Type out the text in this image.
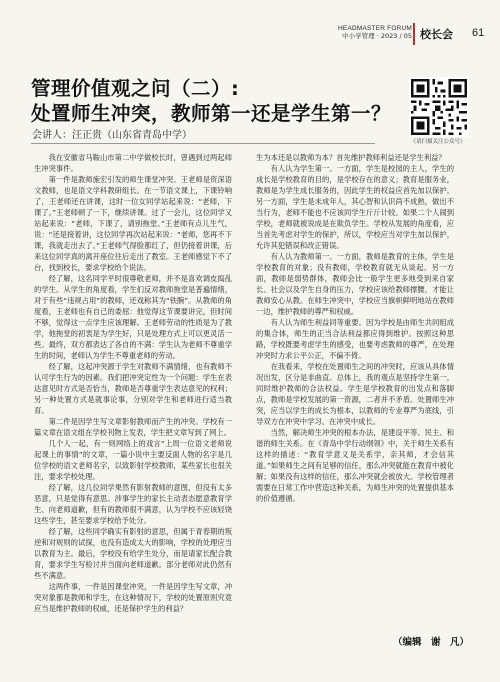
HEADMASTER FORUM
中小学管理 · 2023 / 05 校长会 61
管理价值观之问（二）:
处置师生冲突，教师第一还是学生第一？
会讲人：汪正贵（山东省青岛中学）
《请扫描关注公众号》

我在安徽省马鞍山市第二中学做校长时，曾遇到过两起师生冲突事件。

第一件是教师施宏引发的师生课堂冲突。王老师是资深语文教师，也是语文学科教研组长。在一节语文课上，下课铃响了，王老师还在讲课，这时一位女同学站起来说：“老师，下课了。”王老师顿了一下，继续讲课。过了一会儿，这位同学又站起来说：“老师，下课了，请别拖堂。”王老师有点儿生气，说：“还是接着讲，这位同学再次站起来说：“老师，您再不下课，我就走出去了。”王老师气得脸都红了，但仍接着讲课，后来这位同学真的离开座位往后走出了教室。王老师感觉下不了台，找到校长，要求学校给个说法。

经了解，这名同学平时很尊敬老师，并不是喜欢调皮捣乱的学生。从学生的角度看，学生们反对教师拖堂是普遍情绪，对于有些“违规占用”的教师，还戏称其为“铁腕”。从教师的角度看，王老师也有自己的委屈：他觉得这节课要讲完，但时间不够，觉得这一点学生应该理解。王老师劳动的性质是为了教学，他拖堂的初衷是为学生好，只是处理方式上可以更灵活一些。最终，双方都表达了各自的不满：学生认为老师不尊重学生的时间，老师认为学生不尊重老师的劳动。

经了解，这起冲突源于学生对教师不满情绪，也有教师不认可学生行为的因素。我们把冲突定性为一个问题：学生在表达意见时方式是否恰当，教师是否尊重学生表达意见的权利；另一种处置方式是就事论事，分别对学生和老师进行适当教育。

第二件是因学生写文章影射教师而产生的冲突。学校有一篇文章在语文组在学校刊物上发表，学生把文章写到了网上。

几个人一起，有一则网络上的戏言“上周一位语文老师说起课上的事情”的文章，一篇小说中主要反面人物的名字是几位学校的语文老师名字，以致影射学校教师，某些家长也很关注，要求学校处理。

经了解，这几位同学果然有影射教师的意图，但没有太多恶意，只是觉得有意思。涉事学生的家长主动表态愿意教育学生、向老师道歉，但有的教师很不满意，认为学校不应该轻饶这些学生，甚至要求学校给予处分。

经了解，这些同学确实有影射的意思，但属于青春期的叛逆和对规则的试探，也没有造成太大的影响，学校的处理应当以教育为主。最后，学校没有给学生处分，而是请家长配合教育，要求学生写检讨并当面向老师道歉。部分老师对此仍然有些不满意。

这两件事，一件是因课堂冲突，一件是因学生写文章，冲突对象都是教师和学生，在这种情况下，学校的处置原则究竟应当是维护教师的权威，还是保护学生的利益？

生为本还是以教师为本？首先维护教师利益还是学生利益？

有人认为学生第一。一方面，学生是校园的主人，学生的成长是学校教育的目的，是学校存在的意义；教育是服务业，教师是为学生成长服务的，因此学生的权益应首先加以保护。另一方面，学生是未成年人，其心智和认识尚不成熟，做出不当行为，老师不能也不应该同学生斤斤计较。如果二个人闹到学校，老师就被说成是在欺负学生。学校从发展的角度看，应当首先考虑对学生的保护，所以，学校应当对学生加以保护，允许其犯错误和改正错误。

有人认为教师第一。一方面，教师是教育的主体，学生是学校教育的对象；没有教师，学校教育就无从谈起。另一方面，教师是弱势群体，教师会比一般学生更多地受到来自家长、社会以及学生自身的压力，学校应该给教师撑腰，才能让教师安心从教。在师生冲突中，学校应当旗帜鲜明地站在教师一边，维护教师的尊严和权威。

有人认为师生利益同等重要。因为学校是由师生共同组成的集合体，师生的正当合法利益都应得到维护。按照这种思路，学校既要考虑学生的感受，也要考虑教师的尊严，在处理冲突时力求公平公正，不偏不倚。

在我看来，学校在处置师生之间的冲突时，应该从具体情况出发，区分是非曲直。总体上，我的观点是坚持学生第一，同时维护教师的合法权益。学生是学校教育的出发点和落脚点，教师是学校发展的第一资源，二者并不矛盾。处置师生冲突，应当以学生的成长为根本，以教师的专业尊严为底线，引导双方在冲突中学习、在冲突中成长。

当然，解决师生冲突的根本办法，是建设平等、民主、和谐的师生关系。在《青岛中学行动纲领》中，关于师生关系有这样的描述：“教育学意义是关系学，亲其师，才会信其道。”如果师生之间有足够的信任，那么冲突就能在教育中被化解；如果没有这样的信任，那么冲突就会被放大。学校管理者需要在日常工作中营造这种关系，为师生冲突的处置提供基本的价值遵循。

（编辑　谢　凡）
